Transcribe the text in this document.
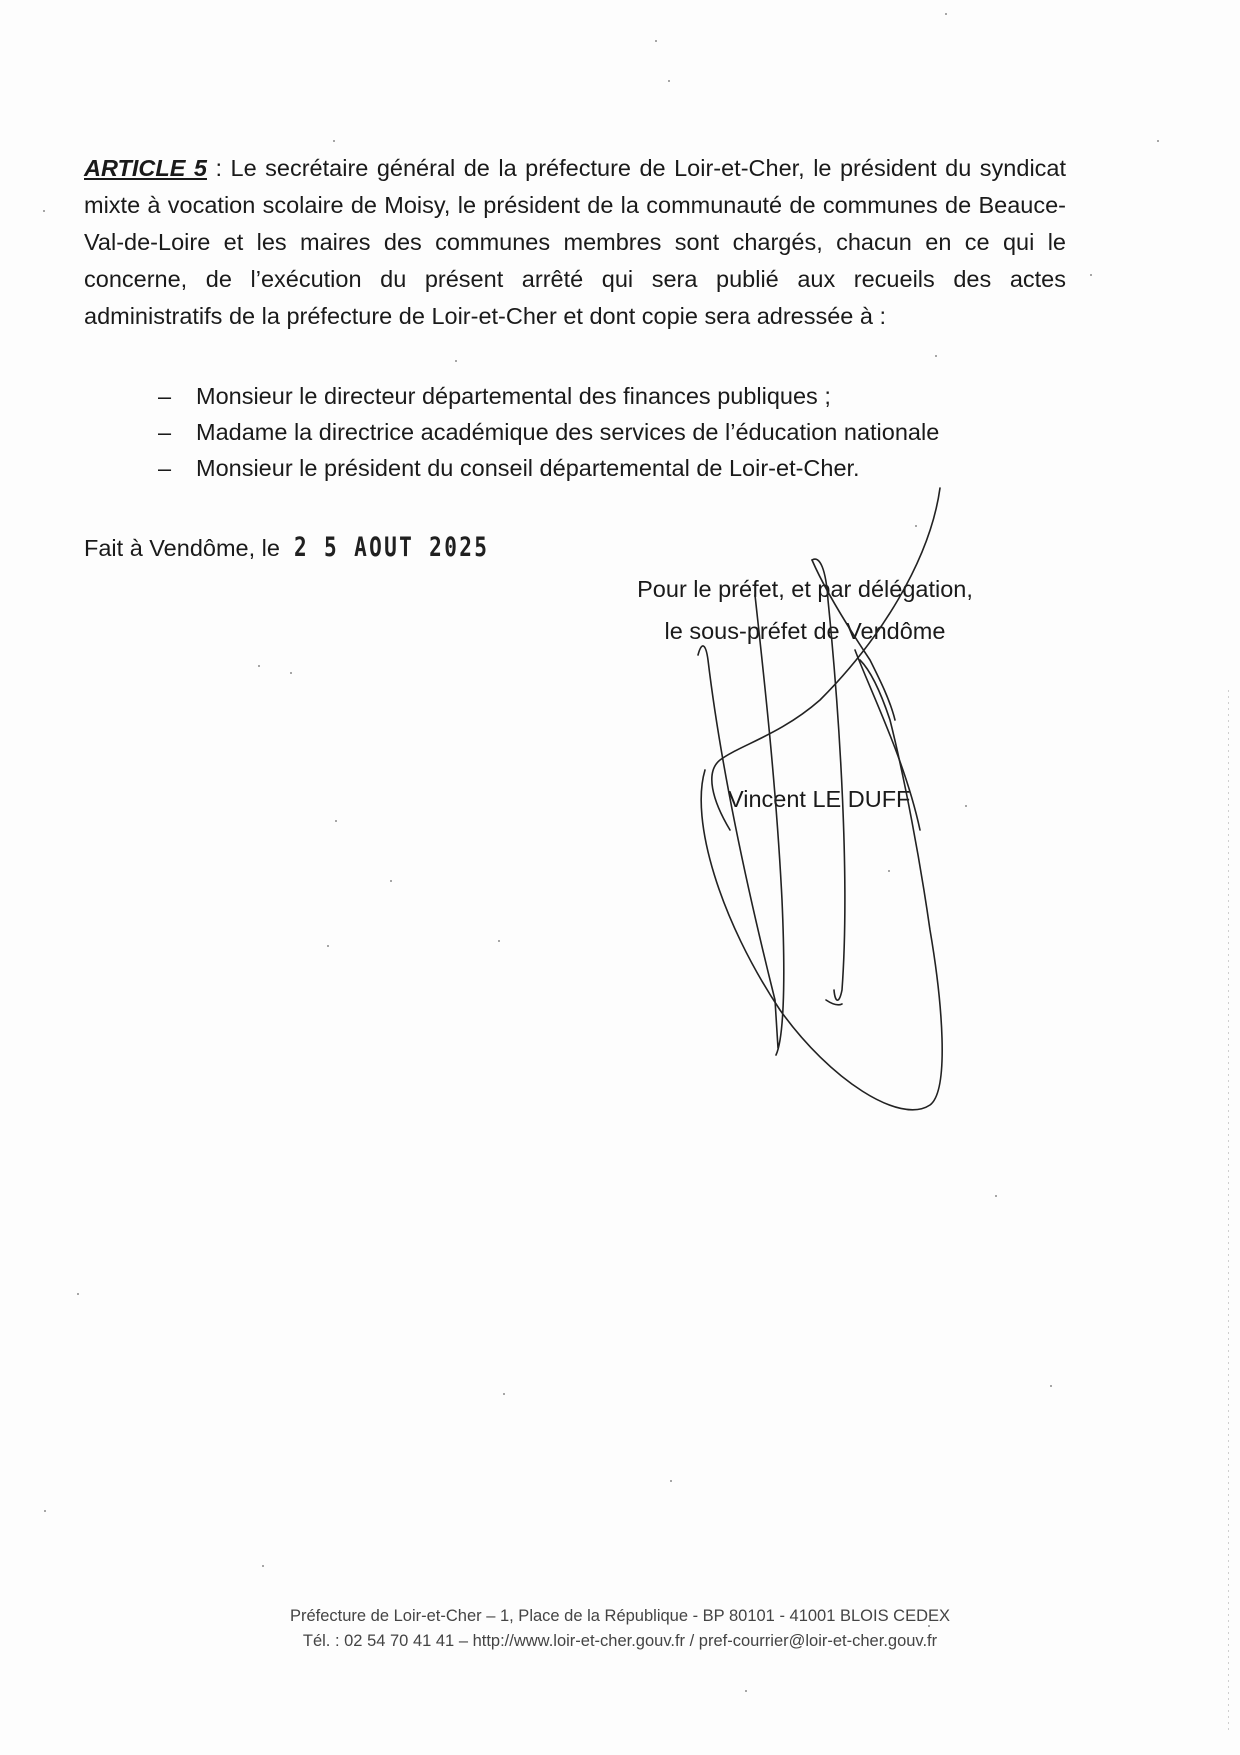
ARTICLE 5 : Le secrétaire général de la préfecture de Loir-et-Cher, le président du syndicat mixte à vocation scolaire de Moisy, le président de la communauté de communes de Beauce-Val-de-Loire et les maires des communes membres sont chargés, chacun en ce qui le concerne, de l’exécution du présent arrêté qui sera publié aux recueils des actes administratifs de la préfecture de Loir-et-Cher et dont copie sera adressée à :

–	Monsieur le directeur départemental des finances publiques ;
–	Madame la directrice académique des services de l’éducation nationale
–	Monsieur le président du conseil départemental de Loir-et-Cher.
Fait à Vendôme, le 2 5 AOUT 2025
Pour le préfet, et par délégation,
le sous-préfet de Vendôme
Vincent LE DUFF
Préfecture de Loir-et-Cher – 1, Place de la République - BP 80101 - 41001 BLOIS CEDEX
Tél. : 02 54 70 41 41 – http://www.loir-et-cher.gouv.fr / pref-courrier@loir-et-cher.gouv.fr
